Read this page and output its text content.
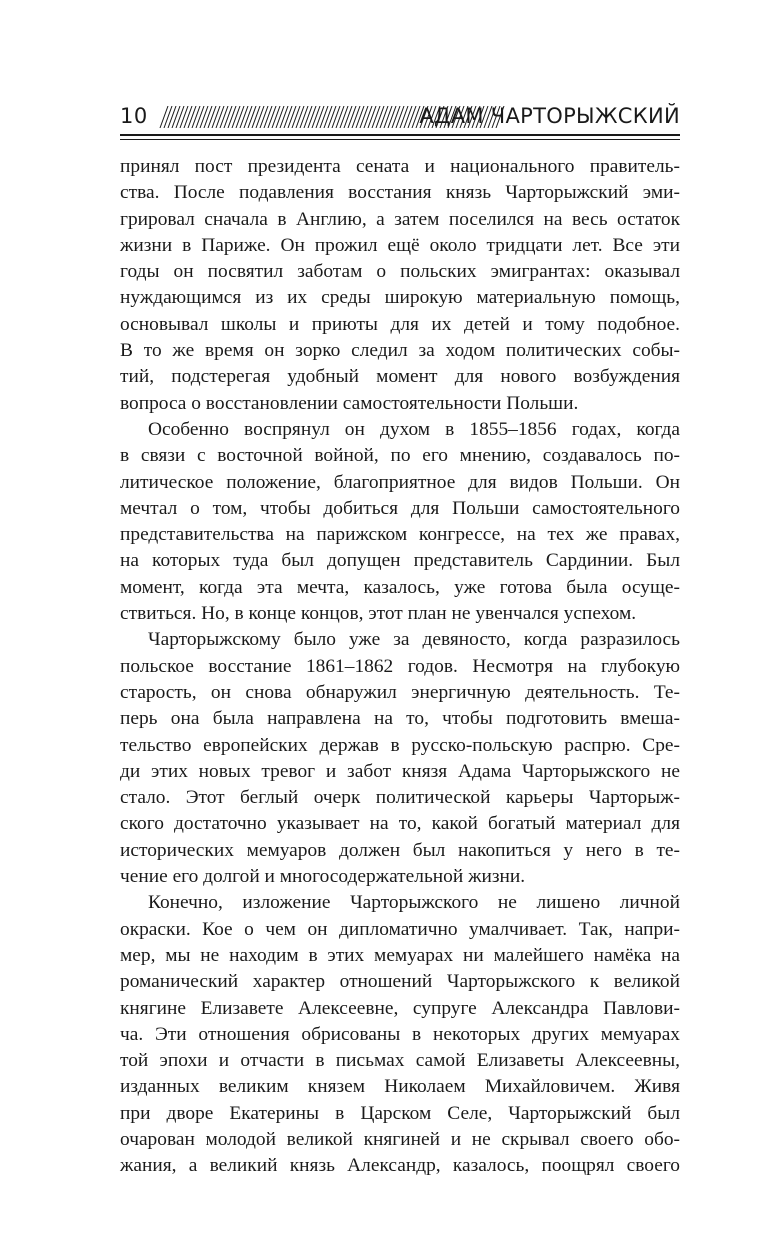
10	АДАМ ЧАРТОРЫЖСКИЙ
принял пост президента сената и национального правитель-
ства. После подавления восстания князь Чарторыжский эми-
грировал сначала в Англию, а затем поселился на весь остаток
жизни в Париже. Он прожил ещё около тридцати лет. Все эти
годы он посвятил заботам о польских эмигрантах: оказывал
нуждающимся из их среды широкую материальную помощь,
основывал школы и приюты для их детей и тому подобное.
В то же время он зорко следил за ходом политических собы-
тий, подстерегая удобный момент для нового возбуждения
вопроса о восстановлении самостоятельности Польши.
Особенно воспрянул он духом в 1855–1856 годах, когда
в связи с восточной войной, по его мнению, создавалось по-
литическое положение, благоприятное для видов Польши. Он
мечтал о том, чтобы добиться для Польши самостоятельного
представительства на парижском конгрессе, на тех же правах,
на которых туда был допущен представитель Сардинии. Был
момент, когда эта мечта, казалось, уже готова была осуще-
ствиться. Но, в конце концов, этот план не увенчался успехом.
Чарторыжскому было уже за девяносто, когда разразилось
польское восстание 1861–1862 годов. Несмотря на глубокую
старость, он снова обнаружил энергичную деятельность. Те-
перь она была направлена на то, чтобы подготовить вмеша-
тельство европейских держав в русско-польскую распрю. Сре-
ди этих новых тревог и забот князя Адама Чарторыжского не
стало. Этот беглый очерк политической карьеры Чарторыж-
ского достаточно указывает на то, какой богатый материал для
исторических мемуаров должен был накопиться у него в те-
чение его долгой и многосодержательной жизни.
Конечно, изложение Чарторыжского не лишено личной
окраски. Кое о чем он дипломатично умалчивает. Так, напри-
мер, мы не находим в этих мемуарах ни малейшего намёка на
романический характер отношений Чарторыжского к великой
княгине Елизавете Алексеевне, супруге Александра Павлови-
ча. Эти отношения обрисованы в некоторых других мемуарах
той эпохи и отчасти в письмах самой Елизаветы Алексеевны,
изданных великим князем Николаем Михайловичем. Живя
при дворе Екатерины в Царском Селе, Чарторыжский был
очарован молодой великой княгиней и не скрывал своего обо-
жания, а великий князь Александр, казалось, поощрял своего
